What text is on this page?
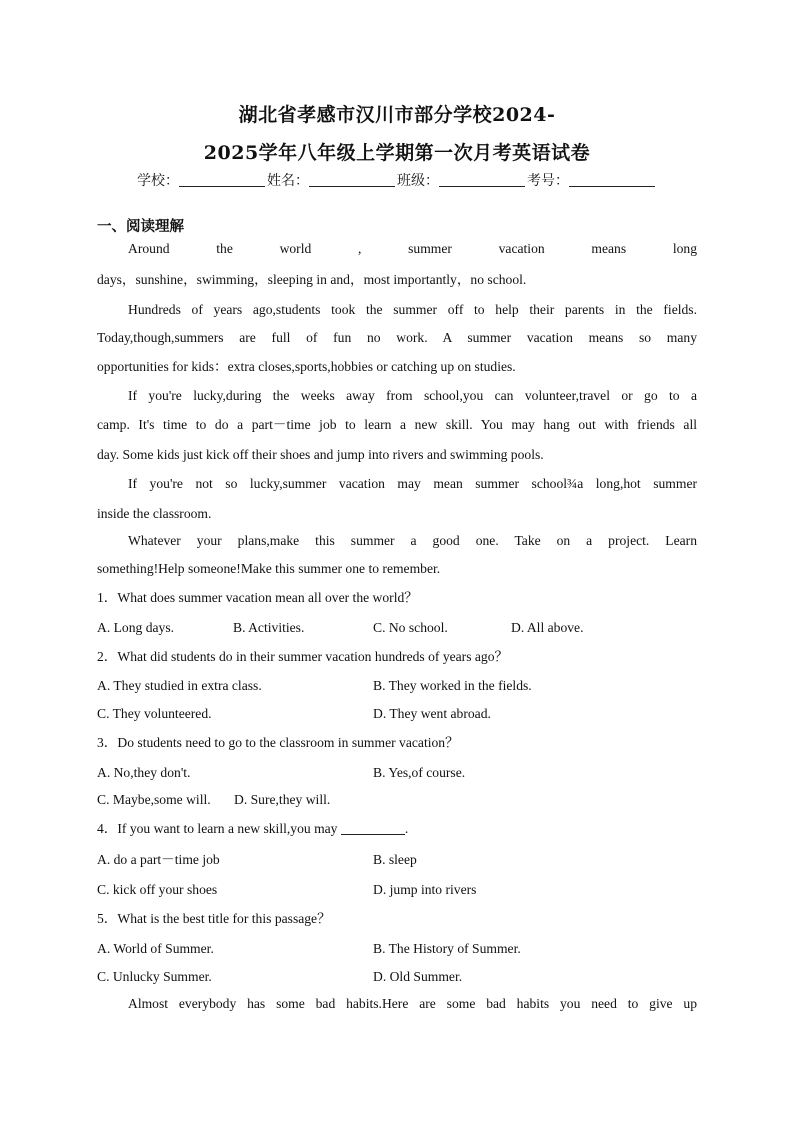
湖北省孝感市汉川市部分学校2024-
2025学年八年级上学期第一次月考英语试卷
学校：	姓名：	班级：	考号：
一、阅读理解
Around the world , summer vacation means long
days，sunshine，swimming，sleeping in and，most importantly，no school.
Hundreds of years ago,students took the summer off to help their parents in the fields.
Today,though,summers are full of fun no work. A summer vacation means so many
opportunities for kids：extra closes,sports,hobbies or catching up on studies.
If you're lucky,during the weeks away from school,you can volunteer,travel or go to a
camp. It's time to do a part－time job to learn a new skill. You may hang out with friends all
day. Some kids just kick off their shoes and jump into rivers and swimming pools.
If you're not so lucky,summer vacation may mean summer school¾a long,hot summer
inside the classroom.
Whatever your plans,make this summer a good one. Take on a project. Learn
something!Help someone!Make this summer one to remember.
1．What does summer vacation mean all over the world？
A. Long days.	B. Activities.	C. No school.	D. All above.
2．What did students do in their summer vacation hundreds of years ago？
A. They studied in extra class.	B. They worked in the fields.
C. They volunteered.	D. They went abroad.
3．Do students need to go to the classroom in summer vacation？
A. No,they don't.	B. Yes,of course.
C. Maybe,some will. D. Sure,they will.
4．If you want to learn a new skill,you may	.
A. do a part－time job	B. sleep
C. kick off your shoes	D. jump into rivers
5．What is the best title for this passage？
A. World of Summer.	B. The History of Summer.
C. Unlucky Summer.	D. Old Summer.
Almost everybody has some bad habits.Here are some bad habits you need to give up
